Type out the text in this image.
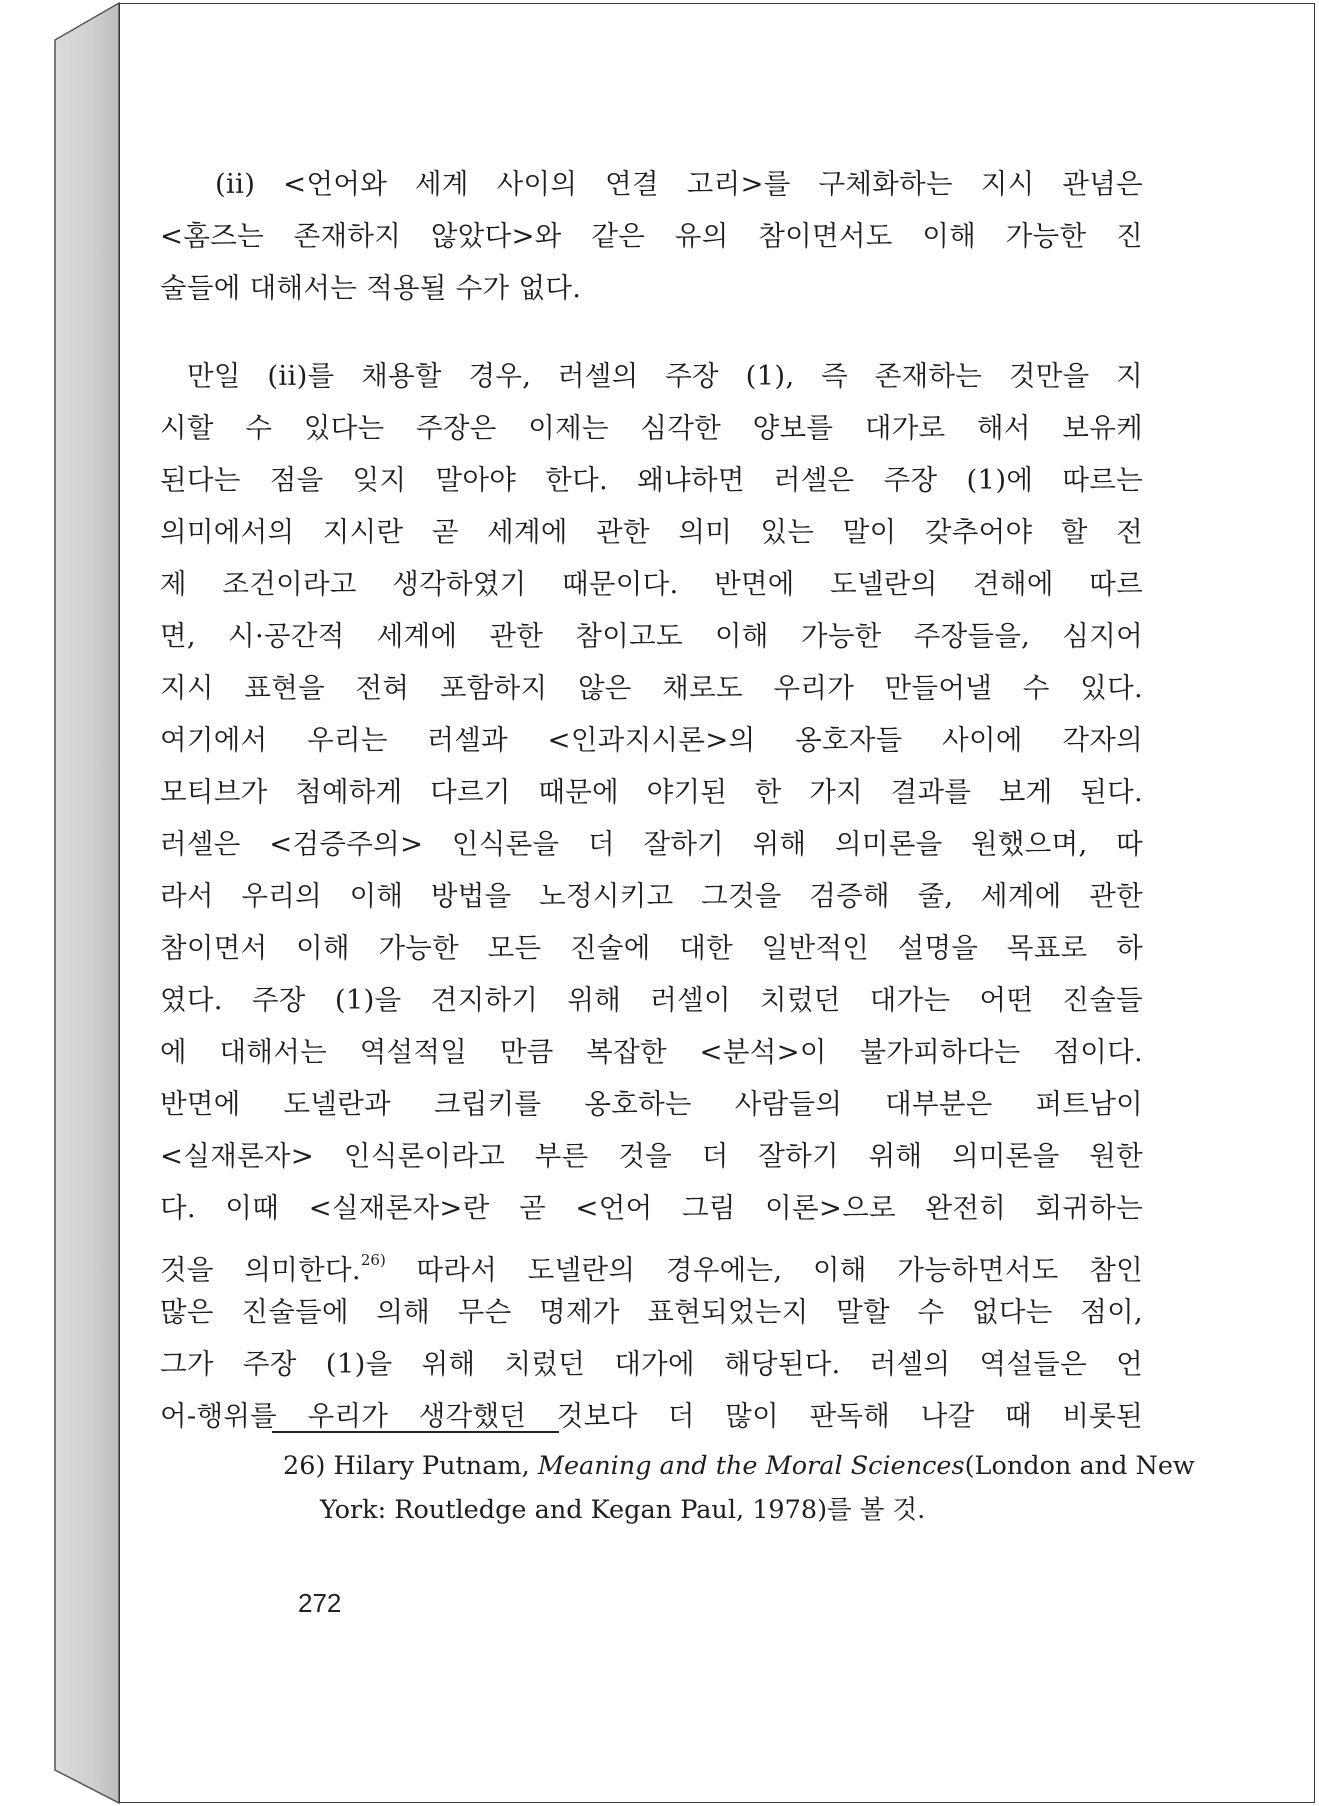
(ii) <언어와 세계 사이의 연결 고리>를 구체화하는 지시 관념은
<홈즈는 존재하지 않았다>와 같은 유의 참이면서도 이해 가능한 진
술들에 대해서는 적용될 수가 없다.
만일 (ii)를 채용할 경우, 러셀의 주장 (1), 즉 존재하는 것만을 지
시할 수 있다는 주장은 이제는 심각한 양보를 대가로 해서 보유케
된다는 점을 잊지 말아야 한다. 왜냐하면 러셀은 주장 (1)에 따르는
의미에서의 지시란 곧 세계에 관한 의미 있는 말이 갖추어야 할 전
제 조건이라고 생각하였기 때문이다. 반면에 도넬란의 견해에 따르
면, 시·공간적 세계에 관한 참이고도 이해 가능한 주장들을, 심지어
지시 표현을 전혀 포함하지 않은 채로도 우리가 만들어낼 수 있다.
여기에서 우리는 러셀과 <인과지시론>의 옹호자들 사이에 각자의
모티브가 첨예하게 다르기 때문에 야기된 한 가지 결과를 보게 된다.
러셀은 <검증주의> 인식론을 더 잘하기 위해 의미론을 원했으며, 따
라서 우리의 이해 방법을 노정시키고 그것을 검증해 줄, 세계에 관한
참이면서 이해 가능한 모든 진술에 대한 일반적인 설명을 목표로 하
였다. 주장 (1)을 견지하기 위해 러셀이 치렀던 대가는 어떤 진술들
에 대해서는 역설적일 만큼 복잡한 <분석>이 불가피하다는 점이다.
반면에 도넬란과 크립키를 옹호하는 사람들의 대부분은 퍼트남이
<실재론자> 인식론이라고 부른 것을 더 잘하기 위해 의미론을 원한
다. 이때 <실재론자>란 곧 <언어 그림 이론>으로 완전히 회귀하는
것을 의미한다.$^{26)}$ 따라서 도넬란의 경우에는, 이해 가능하면서도 참인
많은 진술들에 의해 무슨 명제가 표현되었는지 말할 수 없다는 점이,
그가 주장 (1)을 위해 치렀던 대가에 해당된다. 러셀의 역설들은 언
어-행위를 우리가 생각했던 것보다 더 많이 판독해 나갈 때 비롯된
26) Hilary Putnam, Meaning and the Moral Sciences(London and New
York: Routledge and Kegan Paul, 1978)를 볼 것.
272
